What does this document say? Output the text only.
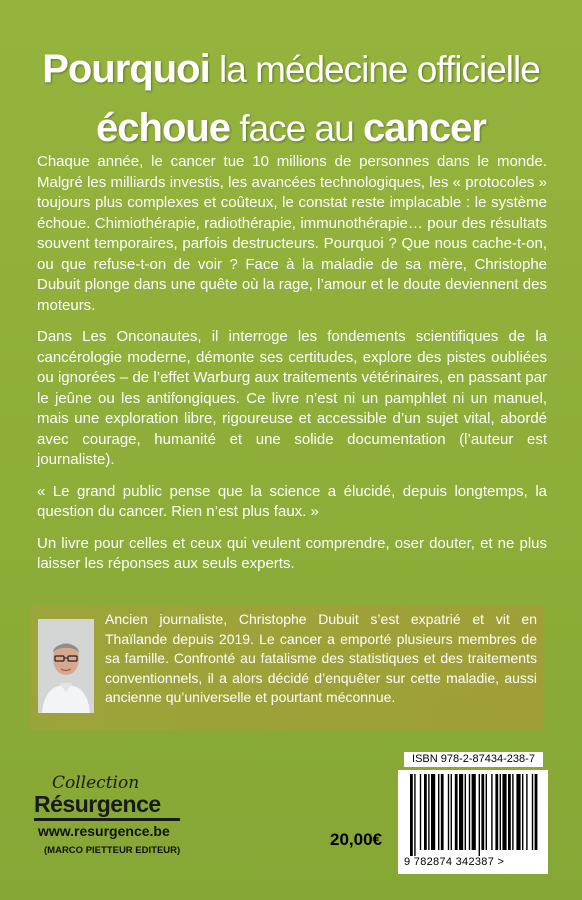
Pourquoi la médecine officielle
échoue face au cancer

Chaque année, le cancer tue 10 millions de personnes dans le monde. Malgré les milliards investis, les avancées technologiques, les « protocoles » toujours plus complexes et coûteux, le constat reste implacable : le système échoue. Chimiothérapie, radiothérapie, immunothérapie… pour des résultats souvent temporaires, parfois destructeurs. Pourquoi ? Que nous cache-t-on, ou que refuse-t-on de voir ? Face à la maladie de sa mère, Christophe Dubuit plonge dans une quête où la rage, l’amour et le doute deviennent des moteurs.

Dans Les Onconautes, il interroge les fondements scientifiques de la cancérologie moderne, démonte ses certitudes, explore des pistes oubliées ou ignorées – de l’effet Warburg aux traitements vétérinaires, en passant par le jeûne ou les antifongiques. Ce livre n’est ni un pamphlet ni un manuel, mais une exploration libre, rigoureuse et accessible d’un sujet vital, abordé avec courage, humanité et une solide documentation (l’auteur est journaliste).

« Le grand public pense que la science a élucidé, depuis longtemps, la question du cancer. Rien n’est plus faux. »

Un livre pour celles et ceux qui veulent comprendre, oser douter, et ne plus laisser les réponses aux seuls experts.

Ancien journaliste, Christophe Dubuit s’est expatrié et vit en Thaïlande depuis 2019. Le cancer a emporté plusieurs membres de sa famille. Confronté au fatalisme des statistiques et des traitements conventionnels, il a alors décidé d’enquêter sur cette maladie, aussi ancienne qu’universelle et pourtant méconnue.
Collection
Résurgence
www.resurgence.be
(MARCO PIETTEUR EDITEUR)
20,00€
ISBN 978-2-87434-238-7
9 782874 342387 >
